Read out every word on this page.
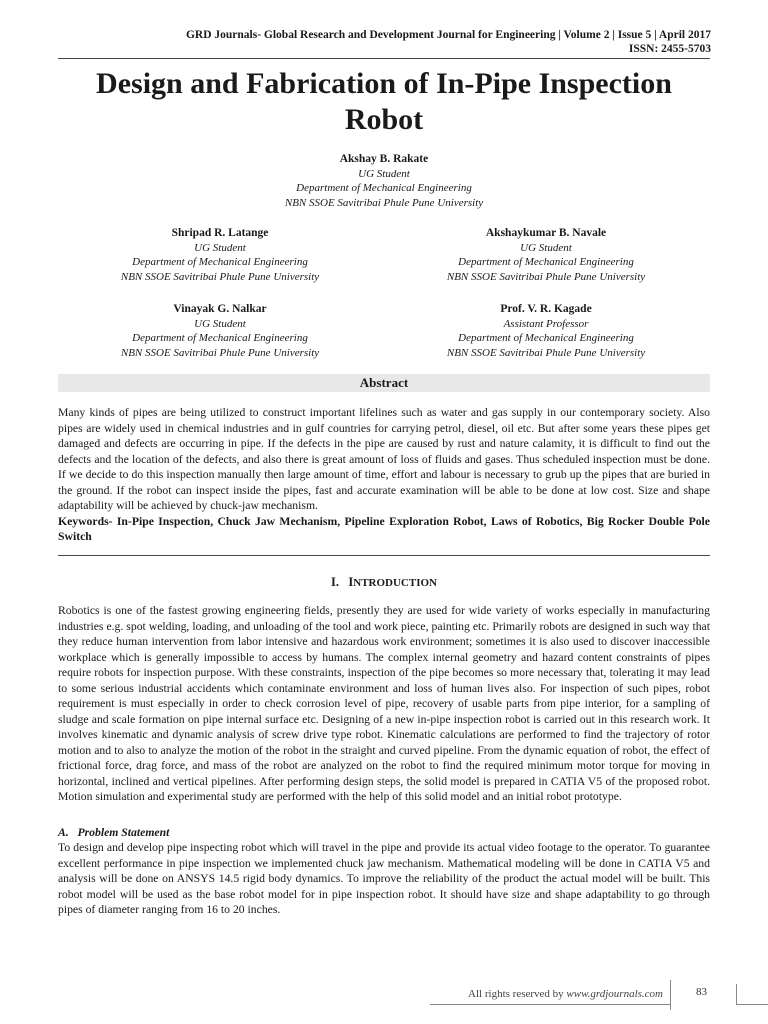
GRD Journals- Global Research and Development Journal for Engineering | Volume 2 | Issue 5 | April 2017
ISSN: 2455-5703
Design and Fabrication of In-Pipe Inspection Robot
Akshay B. Rakate
UG Student
Department of Mechanical Engineering
NBN SSOE Savitribai Phule Pune University
Shripad R. Latange
UG Student
Department of Mechanical Engineering
NBN SSOE Savitribai Phule Pune University
Akshaykumar B. Navale
UG Student
Department of Mechanical Engineering
NBN SSOE Savitribai Phule Pune University
Vinayak G. Nalkar
UG Student
Department of Mechanical Engineering
NBN SSOE Savitribai Phule Pune University
Prof. V. R. Kagade
Assistant Professor
Department of Mechanical Engineering
NBN SSOE Savitribai Phule Pune University
Abstract

Many kinds of pipes are being utilized to construct important lifelines such as water and gas supply in our contemporary society. Also pipes are widely used in chemical industries and in gulf countries for carrying petrol, diesel, oil etc. But after some years these pipes get damaged and defects are occurring in pipe. If the defects in the pipe are caused by rust and nature calamity, it is difficult to find out the defects and the location of the defects, and also there is great amount of loss of fluids and gases. Thus scheduled inspection must be done. If we decide to do this inspection manually then large amount of time, effort and labour is necessary to grub up the pipes that are buried in the ground. If the robot can inspect inside the pipes, fast and accurate examination will be able to be done at low cost. Size and shape adaptability will be achieved by chuck-jaw mechanism.

Keywords- In-Pipe Inspection, Chuck Jaw Mechanism, Pipeline Exploration Robot, Laws of Robotics, Big Rocker Double Pole Switch

I. INTRODUCTION
Robotics is one of the fastest growing engineering fields, presently they are used for wide variety of works especially in manufacturing industries e.g. spot welding, loading, and unloading of the tool and work piece, painting etc. Primarily robots are designed in such way that they reduce human intervention from labor intensive and hazardous work environment; sometimes it is also used to discover inaccessible workplace which is generally impossible to access by humans. The complex internal geometry and hazard content constraints of pipes require robots for inspection purpose. With these constraints, inspection of the pipe becomes so more necessary that, tolerating it may lead to some serious industrial accidents which contaminate environment and loss of human lives also. For inspection of such pipes, robot requirement is must especially in order to check corrosion level of pipe, recovery of usable parts from pipe interior, for a sampling of sludge and scale formation on pipe internal surface etc. Designing of a new in-pipe inspection robot is carried out in this research work. It involves kinematic and dynamic analysis of screw drive type robot. Kinematic calculations are performed to find the trajectory of rotor motion and to also to analyze the motion of the robot in the straight and curved pipeline. From the dynamic equation of robot, the effect of frictional force, drag force, and mass of the robot are analyzed on the robot to find the required minimum motor torque for moving in horizontal, inclined and vertical pipelines. After performing design steps, the solid model is prepared in CATIA V5 of the proposed robot. Motion simulation and experimental study are performed with the help of this solid model and an initial robot prototype.
A.   Problem Statement
To design and develop pipe inspecting robot which will travel in the pipe and provide its actual video footage to the operator. To guarantee excellent performance in pipe inspection we implemented chuck jaw mechanism. Mathematical modeling will be done in CATIA V5 and analysis will be done on ANSYS 14.5 rigid body dynamics. To improve the reliability of the product the actual model will be built. This robot model will be used as the base robot model for in pipe inspection robot. It should have size and shape adaptability to go through pipes of diameter ranging from 16 to 20 inches.
All rights reserved by www.grdjournals.com	83
